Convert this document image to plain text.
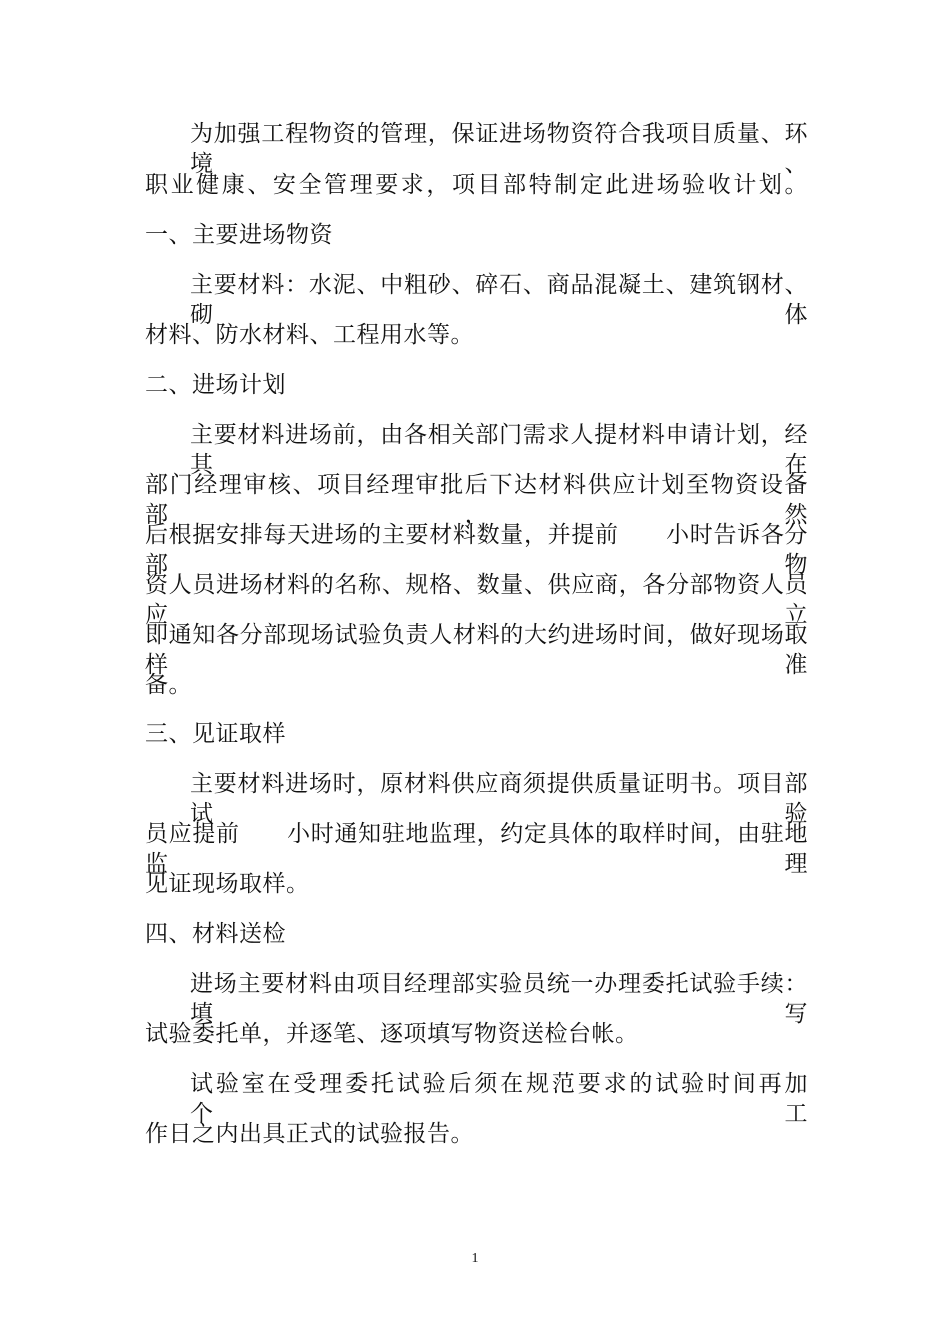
为加强工程物资的管理，保证进场物资符合我项目质量、环境、
职业健康、安全管理要求，项目部特制定此进场验收计划。
一、主要进场物资
主要材料：水泥、中粗砂、碎石、商品混凝土、建筑钢材、砌体
材料、防水材料、工程用水等。
二、进场计划
主要材料进场前，由各相关部门需求人提材料申请计划，经其在
部门经理审核、项目经理审批后下达材料供应计划至物资设备部，然
后根据安排每天进场的主要材料数量，并提前　　小时告诉各分部物
资人员进场材料的名称、规格、数量、供应商，各分部物资人员应立
即通知各分部现场试验负责人材料的大约进场时间，做好现场取样准
备。
三、见证取样
主要材料进场时，原材料供应商须提供质量证明书。项目部试验
员应提前　　小时通知驻地监理，约定具体的取样时间，由驻地监理
见证现场取样。
四、材料送检
进场主要材料由项目经理部实验员统一办理委托试验手续：填写
试验委托单，并逐笔、逐项填写物资送检台帐。
试验室在受理委托试验后须在规范要求的试验时间再加　　个工
作日之内出具正式的试验报告。
1
